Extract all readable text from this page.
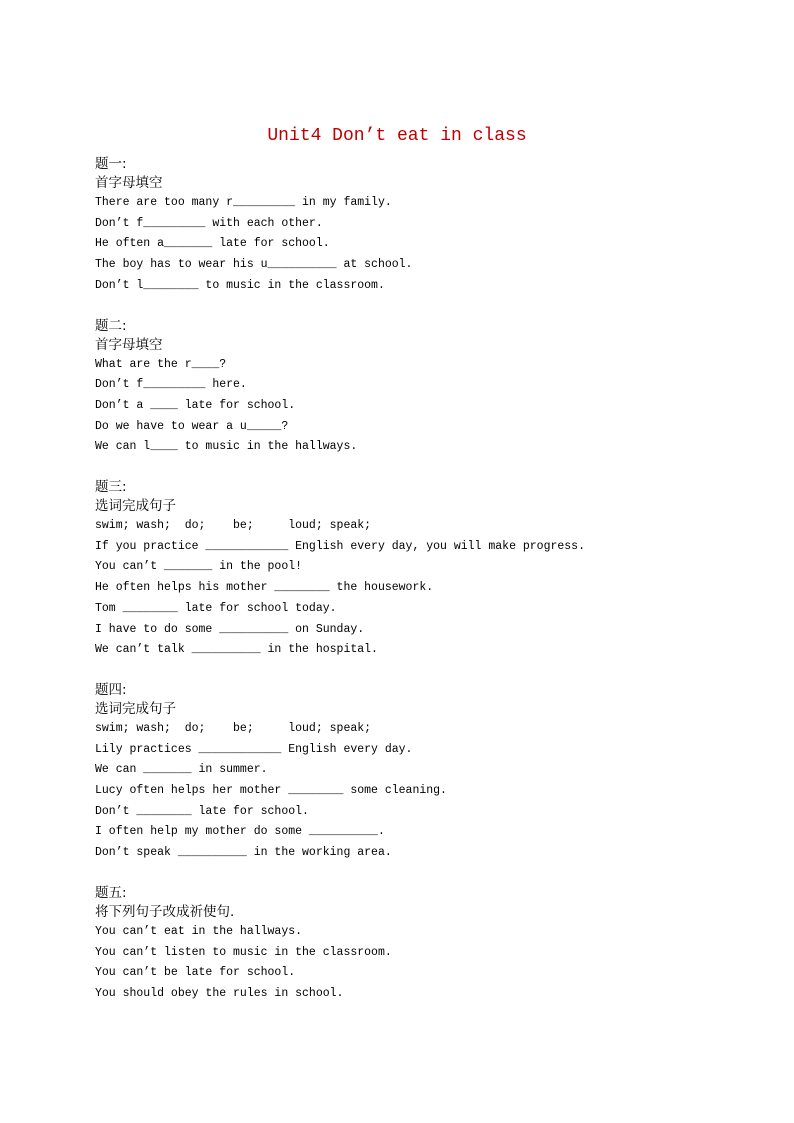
Unit4 Don’t eat in class
题一:
首字母填空
There are too many r_________ in my family.
Don’t f_________ with each other.
He often a_______ late for school.
The boy has to wear his u__________ at school.
Don’t l________ to music in the classroom.
题二:
首字母填空
What are the r____?
Don’t f_________ here.
Don’t a ____ late for school.
Do we have to wear a u_____?
We can l____ to music in the hallways.
题三:
选词完成句子
swim; wash;  do;    be;     loud; speak;
If you practice ____________ English every day, you will make progress.
You can’t _______ in the pool!
He often helps his mother ________ the housework.
Tom ________ late for school today.
I have to do some __________ on Sunday.
We can’t talk __________ in the hospital.
题四:
选词完成句子
swim; wash;  do;    be;     loud; speak;
Lily practices ____________ English every day.
We can _______ in summer.
Lucy often helps her mother ________ some cleaning.
Don’t ________ late for school.
I often help my mother do some __________.
Don’t speak __________ in the working area.
题五:
将下列句子改成祈使句.
You can’t eat in the hallways.
You can’t listen to music in the classroom.
You can’t be late for school.
You should obey the rules in school.
